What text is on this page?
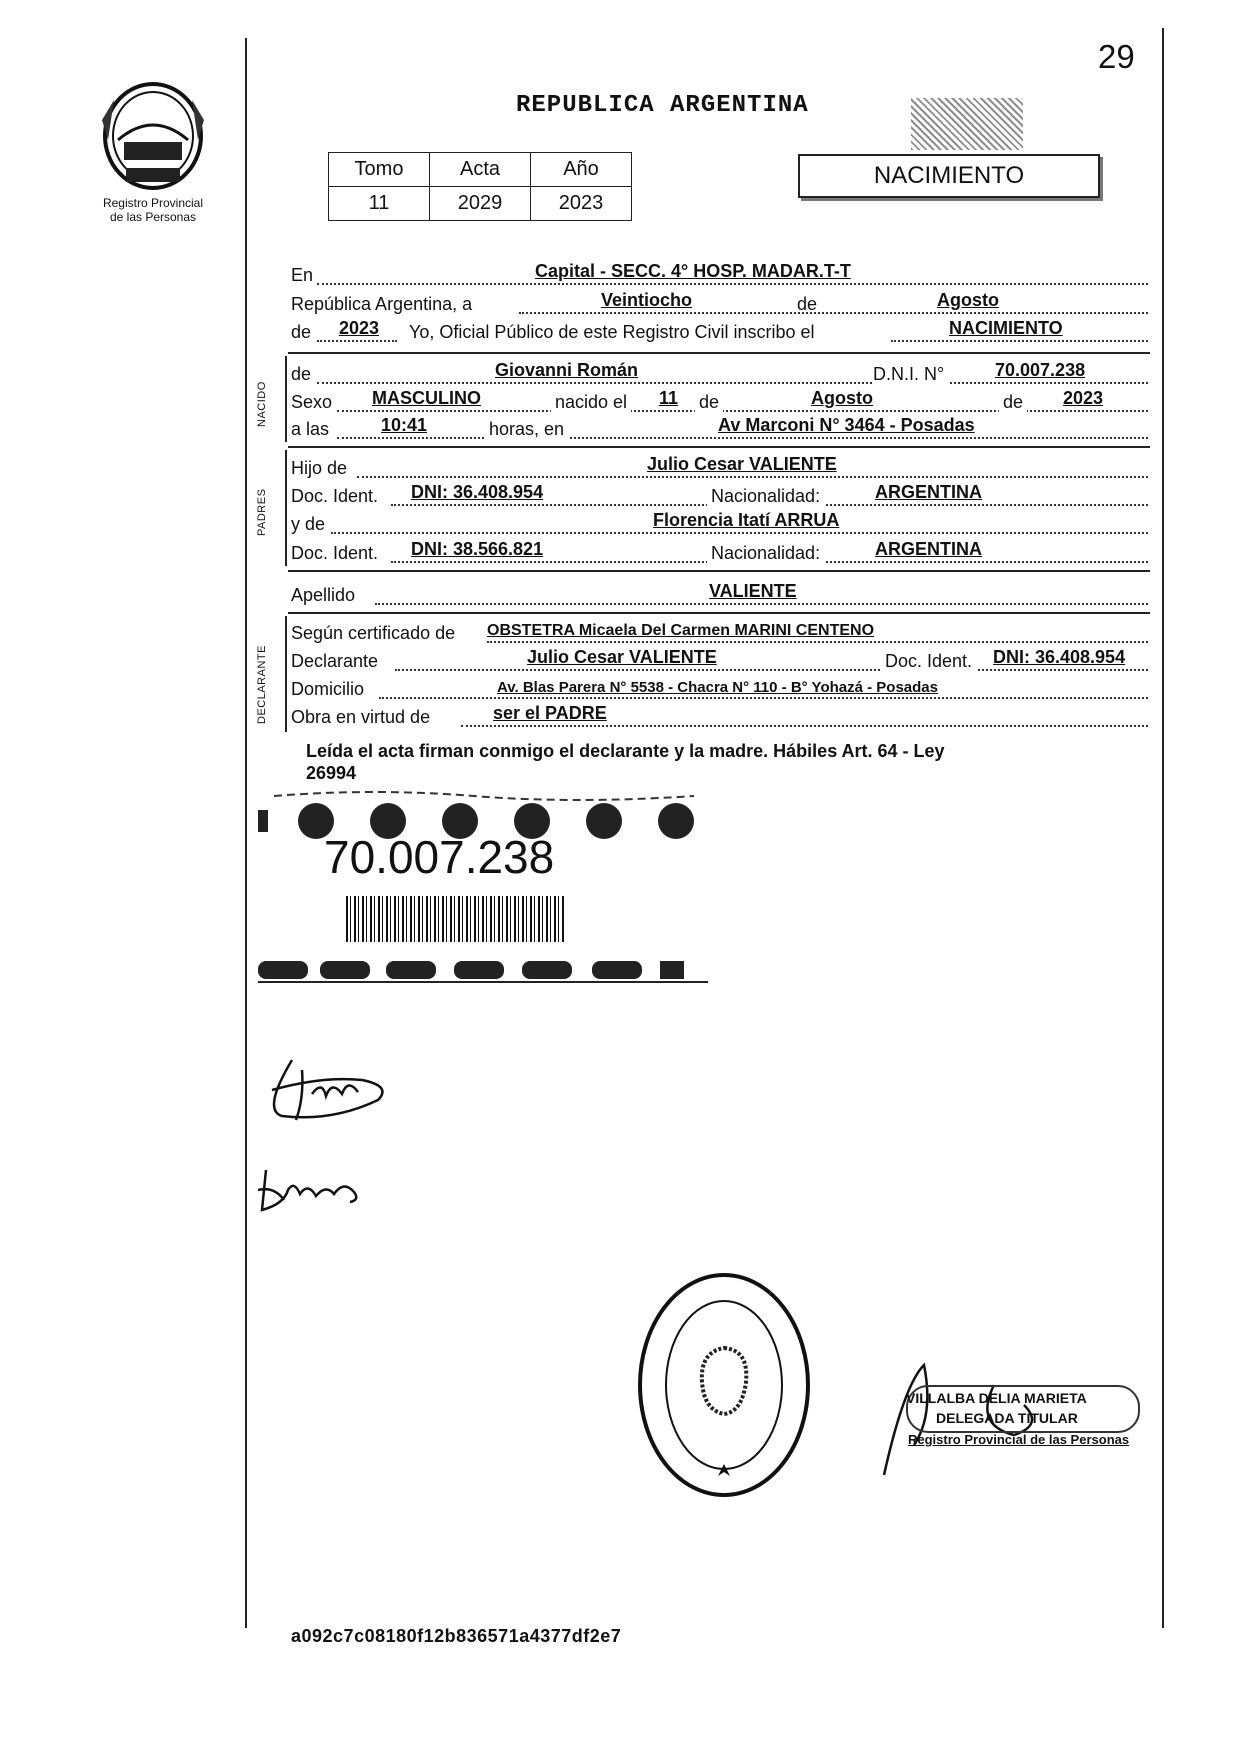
29
Registro Provincial
de las Personas
REPUBLICA ARGENTINA
NACIMIENTO
Tomo	Acta	Año
11	2029	2023
En	Capital - SECC. 4° HOSP. MADAR.T-T
República Argentina, a	Veintiocho	de	Agosto
de 2023 Yo, Oficial Público de este Registro Civil inscribo el	NACIMIENTO
NACIDO
de	Giovanni Román	D.N.I. N°	70.007.238
Sexo MASCULINO	nacido el 11 de	Agosto	de 2023
a las	10:41	horas, en	Av Marconi N° 3464 - Posadas
PADRES
Hijo de	Julio Cesar VALIENTE
Doc. Ident. DNI: 36.408.954	Nacionalidad:	ARGENTINA
y de	Florencia Itatí ARRUA
Doc. Ident. DNI: 38.566.821	Nacionalidad:	ARGENTINA
Apellido	VALIENTE
DECLARANTE
Según certificado de OBSTETRA Micaela Del Carmen MARINI CENTENO
Declarante	Julio Cesar VALIENTE	Doc. Ident. DNI: 36.408.954
Domicilio	Av. Blas Parera N° 5538 - Chacra N° 110 - B° Yohazá - Posadas
Obra en virtud de	ser el PADRE
Leída el acta firman conmigo el declarante y la madre. Hábiles Art. 64 - Ley
26994
70.007.238
VILLALBA DELIA MARIETA
DELEGADA TITULAR
Registro Provincial de las Personas
a092c7c08180f12b836571a4377df2e7
